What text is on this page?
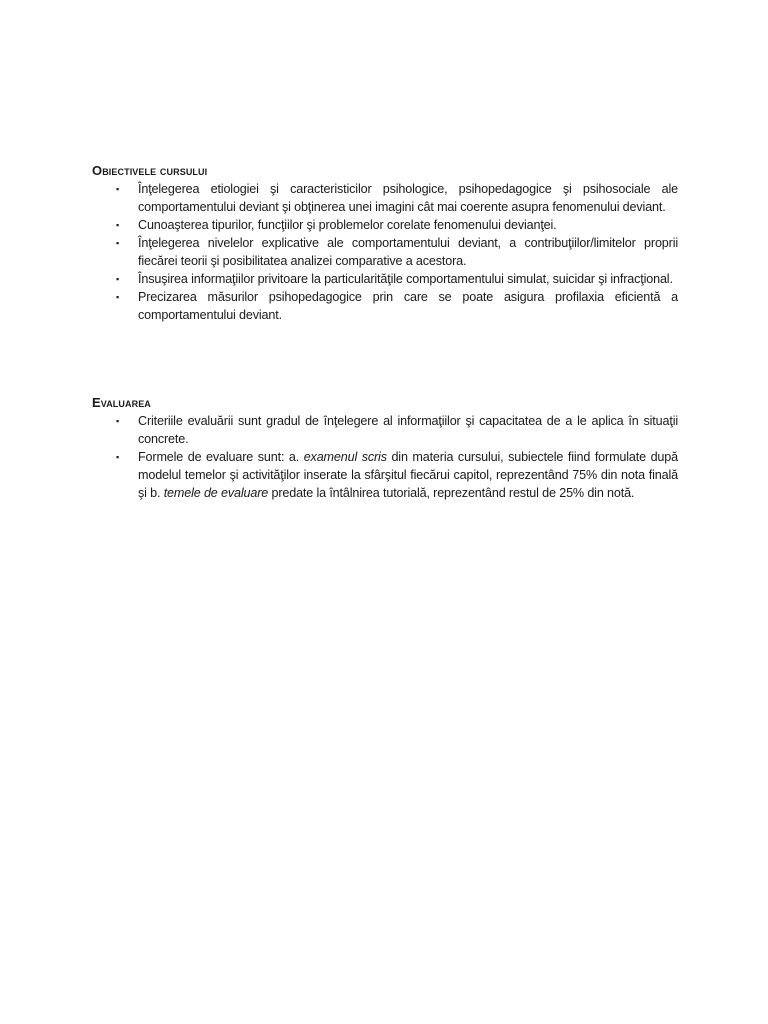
Obiectivele cursului
▪ Înţelegerea etiologiei şi caracteristicilor psihologice, psihopedagogice şi psihosociale ale comportamentului deviant şi obţinerea unei imagini cât mai coerente asupra fenomenului deviant.
▪ Cunoaşterea tipurilor, funcţiilor şi problemelor corelate fenomenului devianţei.
▪ Înţelegerea nivelelor explicative ale comportamentului deviant, a contribuţiilor/limitelor proprii fiecărei teorii şi posibilitatea analizei comparative a acestora.
▪ Însuşirea informaţiilor privitoare la particularităţile comportamentului simulat, suicidar şi infracţional.
▪ Precizarea măsurilor psihopedagogice prin care se poate asigura profilaxia eficientă a comportamentului deviant.
Evaluarea
▪ Criteriile evaluării sunt gradul de înţelegere al informaţiilor şi capacitatea de a le aplica în situaţii concrete.
▪ Formele de evaluare sunt: a. examenul scris din materia cursului, subiectele fiind formulate după modelul temelor şi activităţilor inserate la sfârşitul fiecărui capitol, reprezentând 75% din nota finală şi b. temele de evaluare predate la întâlnirea tutorială, reprezentând restul de 25% din notă.
